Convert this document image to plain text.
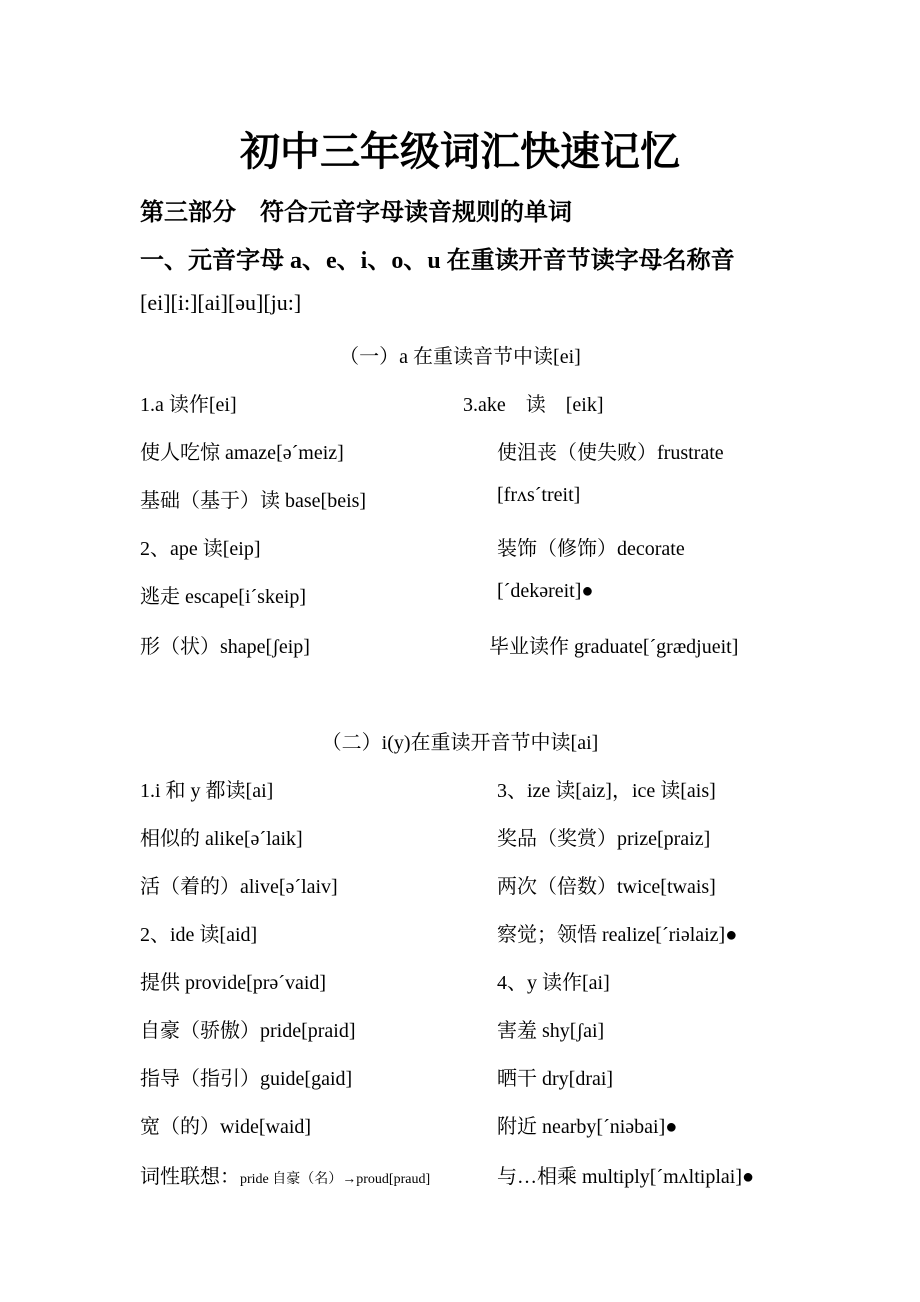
初中三年级词汇快速记忆
第三部分　符合元音字母读音规则的单词
一、元音字母 a、e、i、o、u 在重读开音节读字母名称音
[ei][i:][ai][əu][ju:]
（一）a 在重读音节中读[ei]
1.a 读作[ei]
使人吃惊 amaze[ə´meiz]
基础（基于）读 base[beis]
2、ape 读[eip]
逃走 escape[i´skeip]
形（状）shape[ʃeip]
3.ake　读　[eik]
使沮丧（使失败）frustrate
[frʌs´treit]
装饰（修饰）decorate
[´dekəreit]●
毕业读作 graduate[´grædjueit]
（二）i(y)在重读开音节中读[ai]
1.i 和 y 都读[ai]
相似的 alike[ə´laik]
活（着的）alive[ə´laiv]
2、ide 读[aid]
提供 provide[prə´vaid]
自豪（骄傲）pride[praid]
指导（指引）guide[gaid]
宽（的）wide[waid]
词性联想：pride 自豪（名）→proud[praud]
3、ize 读[aiz]，ice 读[ais]
奖品（奖赏）prize[praiz]
两次（倍数）twice[twais]
察觉；领悟 realize[´riəlaiz]●
4、y 读作[ai]
害羞 shy[ʃai]
晒干 dry[drai]
附近 nearby[´niəbai]●
与…相乘 multiply[´mʌltiplai]●
